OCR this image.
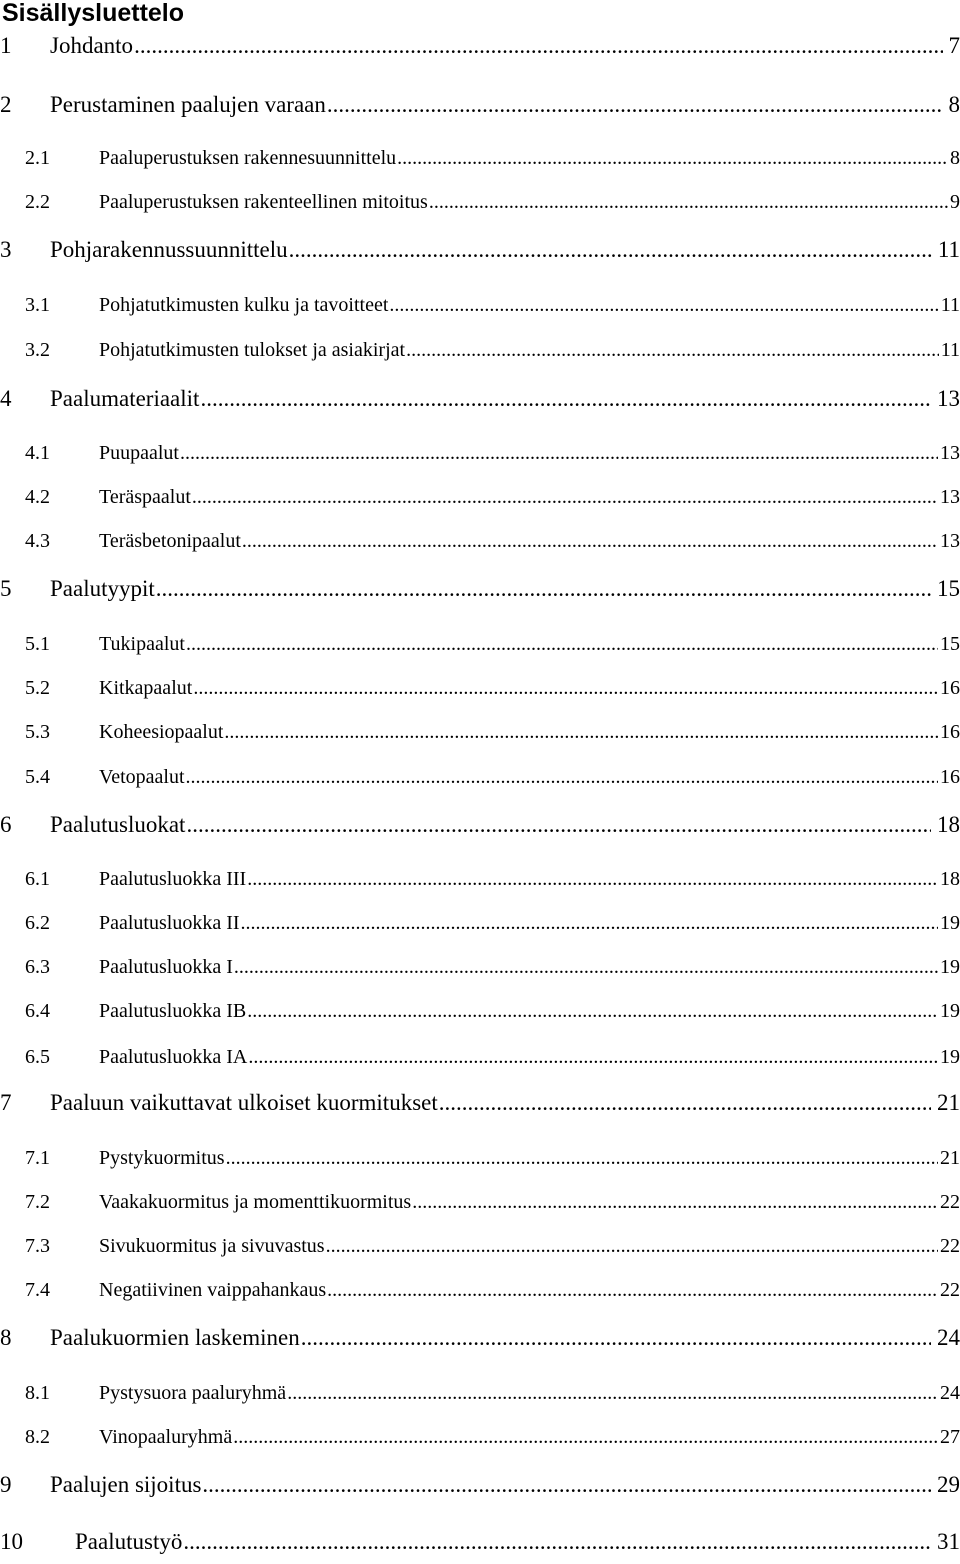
Sisällysluettelo
1	Johdanto .....	7
2	Perustaminen paalujen varaan .....	8
2.1	Paaluperustuksen rakennesuunnittelu .....	8
2.2	Paaluperustuksen rakenteellinen mitoitus .....	9
3	Pohjarakennussuunnittelu .....	11
3.1	Pohjatutkimusten kulku ja tavoitteet .....	11
3.2	Pohjatutkimusten tulokset ja asiakirjat .....	11
4	Paalumateriaalit .....	13
4.1	Puupaalut .....	13
4.2	Teräspaalut .....	13
4.3	Teräsbetonipaalut .....	13
5	Paalutyypit .....	15
5.1	Tukipaalut .....	15
5.2	Kitkapaalut .....	16
5.3	Koheesiopaalut .....	16
5.4	Vetopaalut .....	16
6	Paalutusluokat .....	18
6.1	Paalutusluokka III .....	18
6.2	Paalutusluokka II .....	19
6.3	Paalutusluokka I .....	19
6.4	Paalutusluokka IB .....	19
6.5	Paalutusluokka IA .....	19
7	Paaluun vaikuttavat ulkoiset kuormitukset .....	21
7.1	Pystykuormitus .....	21
7.2	Vaakakuormitus ja momenttikuormitus .....	22
7.3	Sivukuormitus ja sivuvastus .....	22
7.4	Negatiivinen vaippahankaus .....	22
8	Paalukuormien laskeminen .....	24
8.1	Pystysuora paaluryhmä .....	24
8.2	Vinopaaluryhmä .....	27
9	Paalujen sijoitus .....	29
10	Paalutustyö .....	31
